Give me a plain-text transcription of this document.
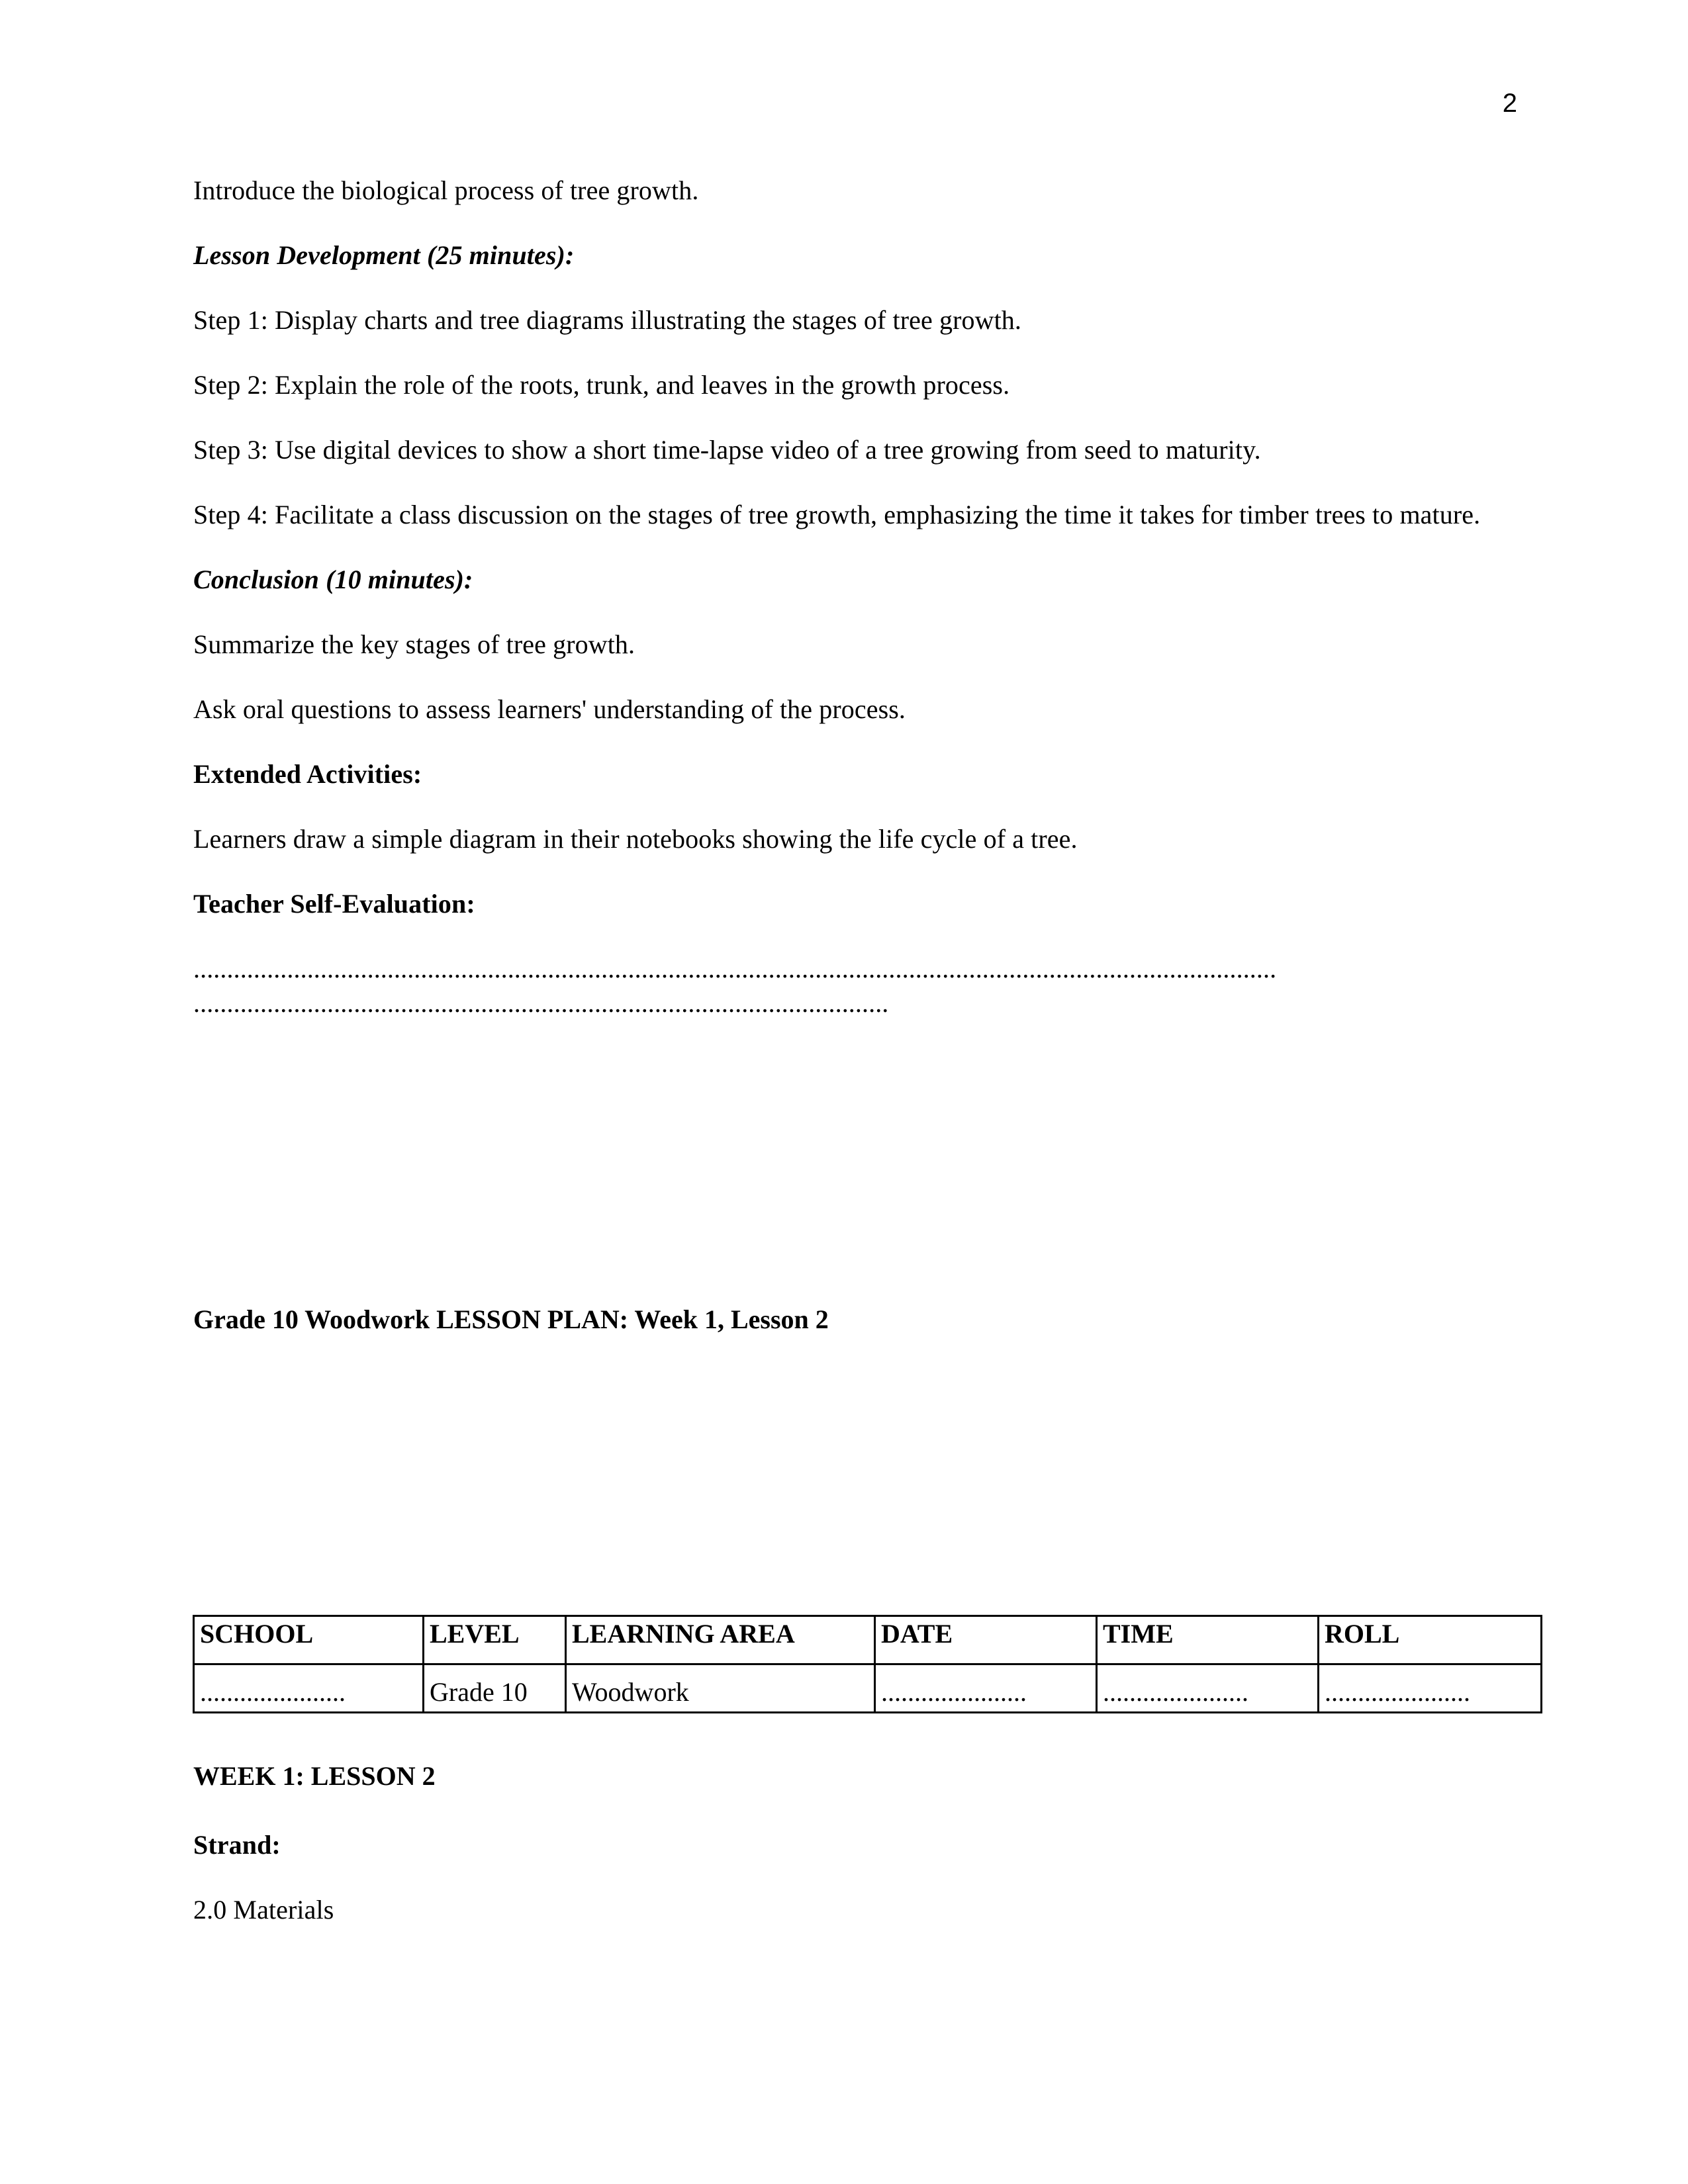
2

Introduce the biological process of tree growth.

Lesson Development (25 minutes):

Step 1: Display charts and tree diagrams illustrating the stages of tree growth.

Step 2: Explain the role of the roots, trunk, and leaves in the growth process.

Step 3: Use digital devices to show a short time-lapse video of a tree growing from seed to maturity.

Step 4: Facilitate a class discussion on the stages of tree growth, emphasizing the time it takes for timber trees to mature.

Conclusion (10 minutes):

Summarize the key stages of tree growth.

Ask oral questions to assess learners' understanding of the process.

Extended Activities:

Learners draw a simple diagram in their notebooks showing the life cycle of a tree.

Teacher Self-Evaluation:

..................................................................................................................................................................
........................................................................................................
Grade 10 Woodwork LESSON PLAN: Week 1, Lesson 2
SCHOOL	LEVEL	LEARNING AREA	DATE	TIME	ROLL
......................	Grade 10	Woodwork	......................	......................	......................

WEEK 1: LESSON 2

Strand:

2.0 Materials
